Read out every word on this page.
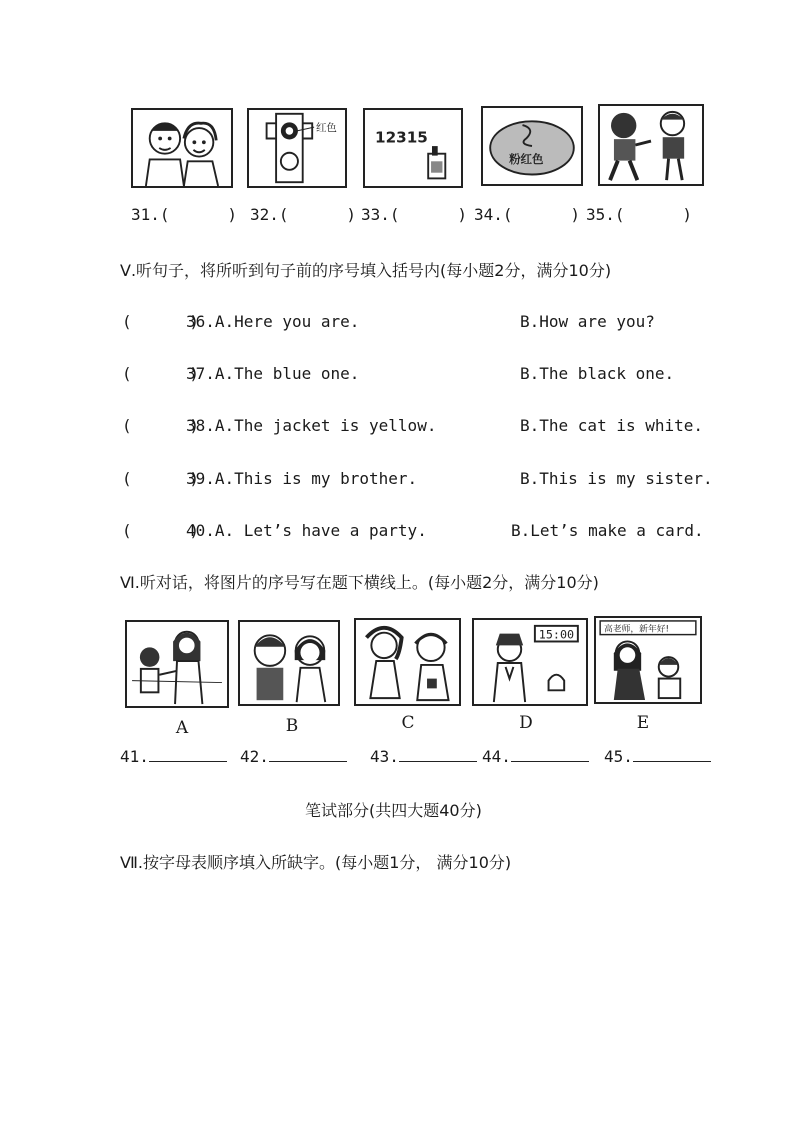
红色
12315
粉红色
31.(      ) 32.(      ) 33.(      ) 34.(      ) 35.(      )
Ⅴ.听句子，将所听到句子前的序号填入括号内(每小题2分，满分10分)
(      )
36.A.Here you are.	B.How are you?
(      )
37.A.The blue one.	B.The black one.
(      )
38.A.The jacket is yellow.	B.The cat is white.
(      )
39.A.This is my brother.	B.This is my sister.
(      )
40.A. Let’s have a party.	B.Let’s make a card.
Ⅵ.听对话，将图片的序号写在题下横线上。(每小题2分，满分10分)
15:00	高老师，新年好!
A	B	C	D	E
41.	42.	43.	44.	45.
笔试部分(共四大题40分)
Ⅶ.按字母表顺序填入所缺字。(每小题1分， 满分10分)
